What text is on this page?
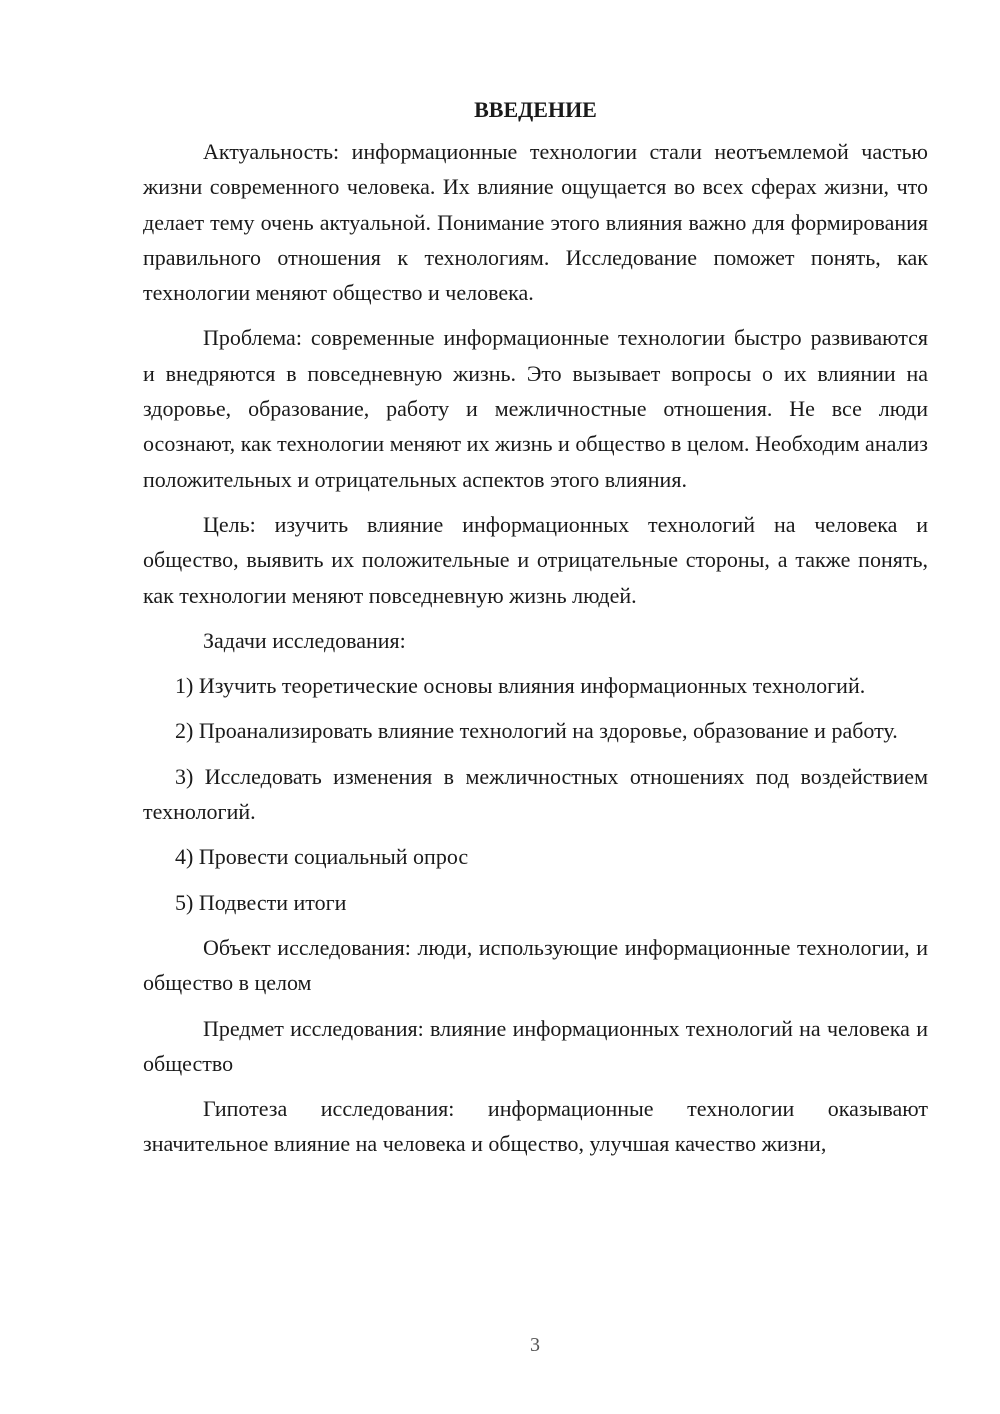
ВВЕДЕНИЕ

Актуальность: информационные технологии стали неотъемлемой частью жизни современного человека. Их влияние ощущается во всех сферах жизни, что делает тему очень актуальной. Понимание этого влияния важно для формирования правильного отношения к технологиям. Исследование поможет понять, как технологии меняют общество и человека.

Проблема: современные информационные технологии быстро развиваются и внедряются в повседневную жизнь. Это вызывает вопросы о их влиянии на здоровье, образование, работу и межличностные отношения. Не все люди осознают, как технологии меняют их жизнь и общество в целом. Необходим анализ положительных и отрицательных аспектов этого влияния.

Цель: изучить влияние информационных технологий на человека и общество, выявить их положительные и отрицательные стороны, а также понять, как технологии меняют повседневную жизнь людей.

Задачи исследования:

1) Изучить теоретические основы влияния информационных технологий.

2) Проанализировать влияние технологий на здоровье, образование и работу.

3) Исследовать изменения в межличностных отношениях под воздействием технологий.

4) Провести социальный опрос

5) Подвести итоги

Объект исследования: люди, использующие информационные технологии, и общество в целом

Предмет исследования: влияние информационных технологий на человека и общество

Гипотеза исследования: информационные технологии оказывают значительное влияние на человека и общество, улучшая качество жизни,

3
